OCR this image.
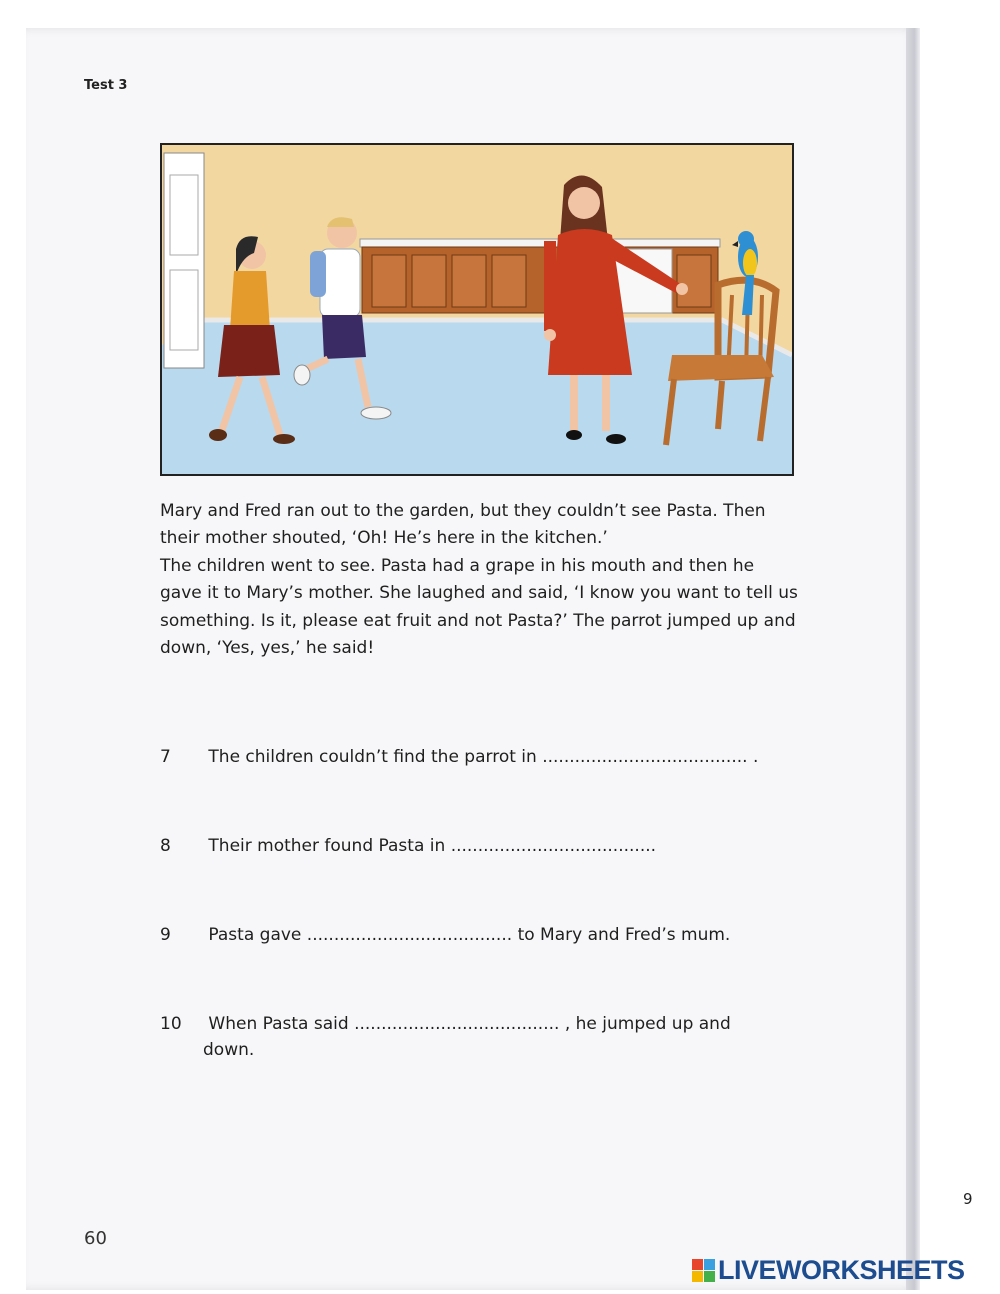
Test 3

Mary and Fred ran out to the garden, but they couldn’t see Pasta. Then their mother shouted, ‘Oh! He’s here in the kitchen.’

The children went to see. Pasta had a grape in his mouth and then he gave it to Mary’s mother. She laughed and said, ‘I know you want to tell us something. Is it, please eat fruit and not Pasta?’ The parrot jumped up and down, ‘Yes, yes,’ he said!

7 The children couldn’t find the parrot in ...................................... .
8 Their mother found Pasta in ......................................
9 Pasta gave ...................................... to Mary and Fred’s mum.
10 When Pasta said ...................................... , he jumped up and
down.
60
9
LIVEWORKSHEETS
